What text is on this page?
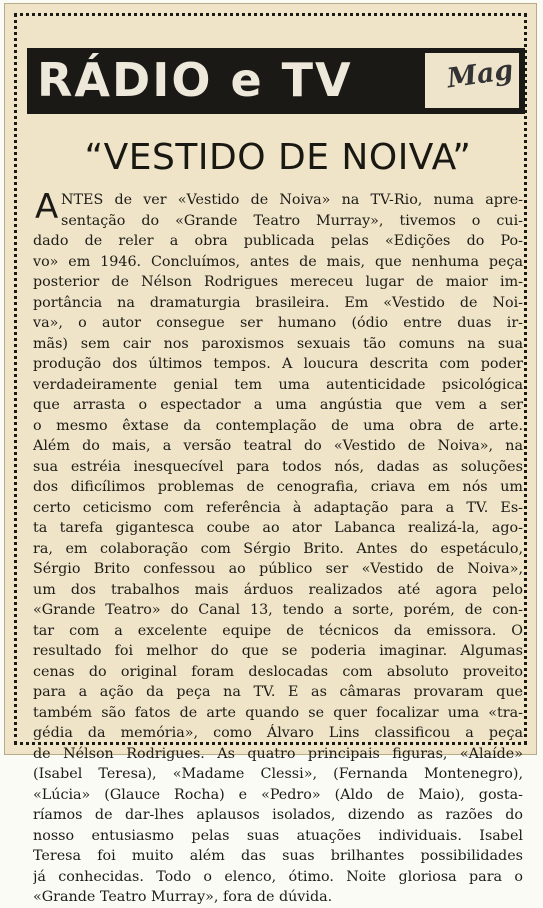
RÁDIO e TV	Mag
“VESTIDO DE NOIVA”
A NTES de ver «Vestido de Noiva» na TV-Rio, numa apre-
sentação do «Grande Teatro Murray», tivemos o cui-
dado de reler a obra publicada pelas «Edições do Po-
vo» em 1946. Concluímos, antes de mais, que nenhuma peça
posterior de Nélson Rodrigues mereceu lugar de maior im-
portância na dramaturgia brasileira. Em «Vestido de Noi-
va», o autor consegue ser humano (ódio entre duas ir-
mãs) sem cair nos paroxismos sexuais tão comuns na sua
produção dos últimos tempos. A loucura descrita com poder
verdadeiramente genial tem uma autenticidade psicológica
que arrasta o espectador a uma angústia que vem a ser
o mesmo êxtase da contemplação de uma obra de arte.
Além do mais, a versão teatral do «Vestido de Noiva», na
sua estréia inesquecível para todos nós, dadas as soluções
dos dificílimos problemas de cenografia, criava em nós um
certo ceticismo com referência à adaptação para a TV. Es-
ta tarefa gigantesca coube ao ator Labanca realizá-la, ago-
ra, em colaboração com Sérgio Brito. Antes do espetáculo,
Sérgio Brito confessou ao público ser «Vestido de Noiva»,
um dos trabalhos mais árduos realizados até agora pelo
«Grande Teatro» do Canal 13, tendo a sorte, porém, de con-
tar com a excelente equipe de técnicos da emissora. O
resultado foi melhor do que se poderia imaginar. Algumas
cenas do original foram deslocadas com absoluto proveito
para a ação da peça na TV. E as câmaras provaram que
também são fatos de arte quando se quer focalizar uma «tra-
gédia da memória», como Álvaro Lins classificou a peça
de Nélson Rodrigues. As quatro principais figuras, «Alaíde»
(Isabel Teresa), «Madame Clessi», (Fernanda Montenegro),
«Lúcia» (Glauce Rocha) e «Pedro» (Aldo de Maio), gosta-
ríamos de dar-lhes aplausos isolados, dizendo as razões do
nosso entusiasmo pelas suas atuações individuais. Isabel
Teresa foi muito além das suas brilhantes possibilidades
já conhecidas. Todo o elenco, ótimo. Noite gloriosa para o
«Grande Teatro Murray», fora de dúvida.
